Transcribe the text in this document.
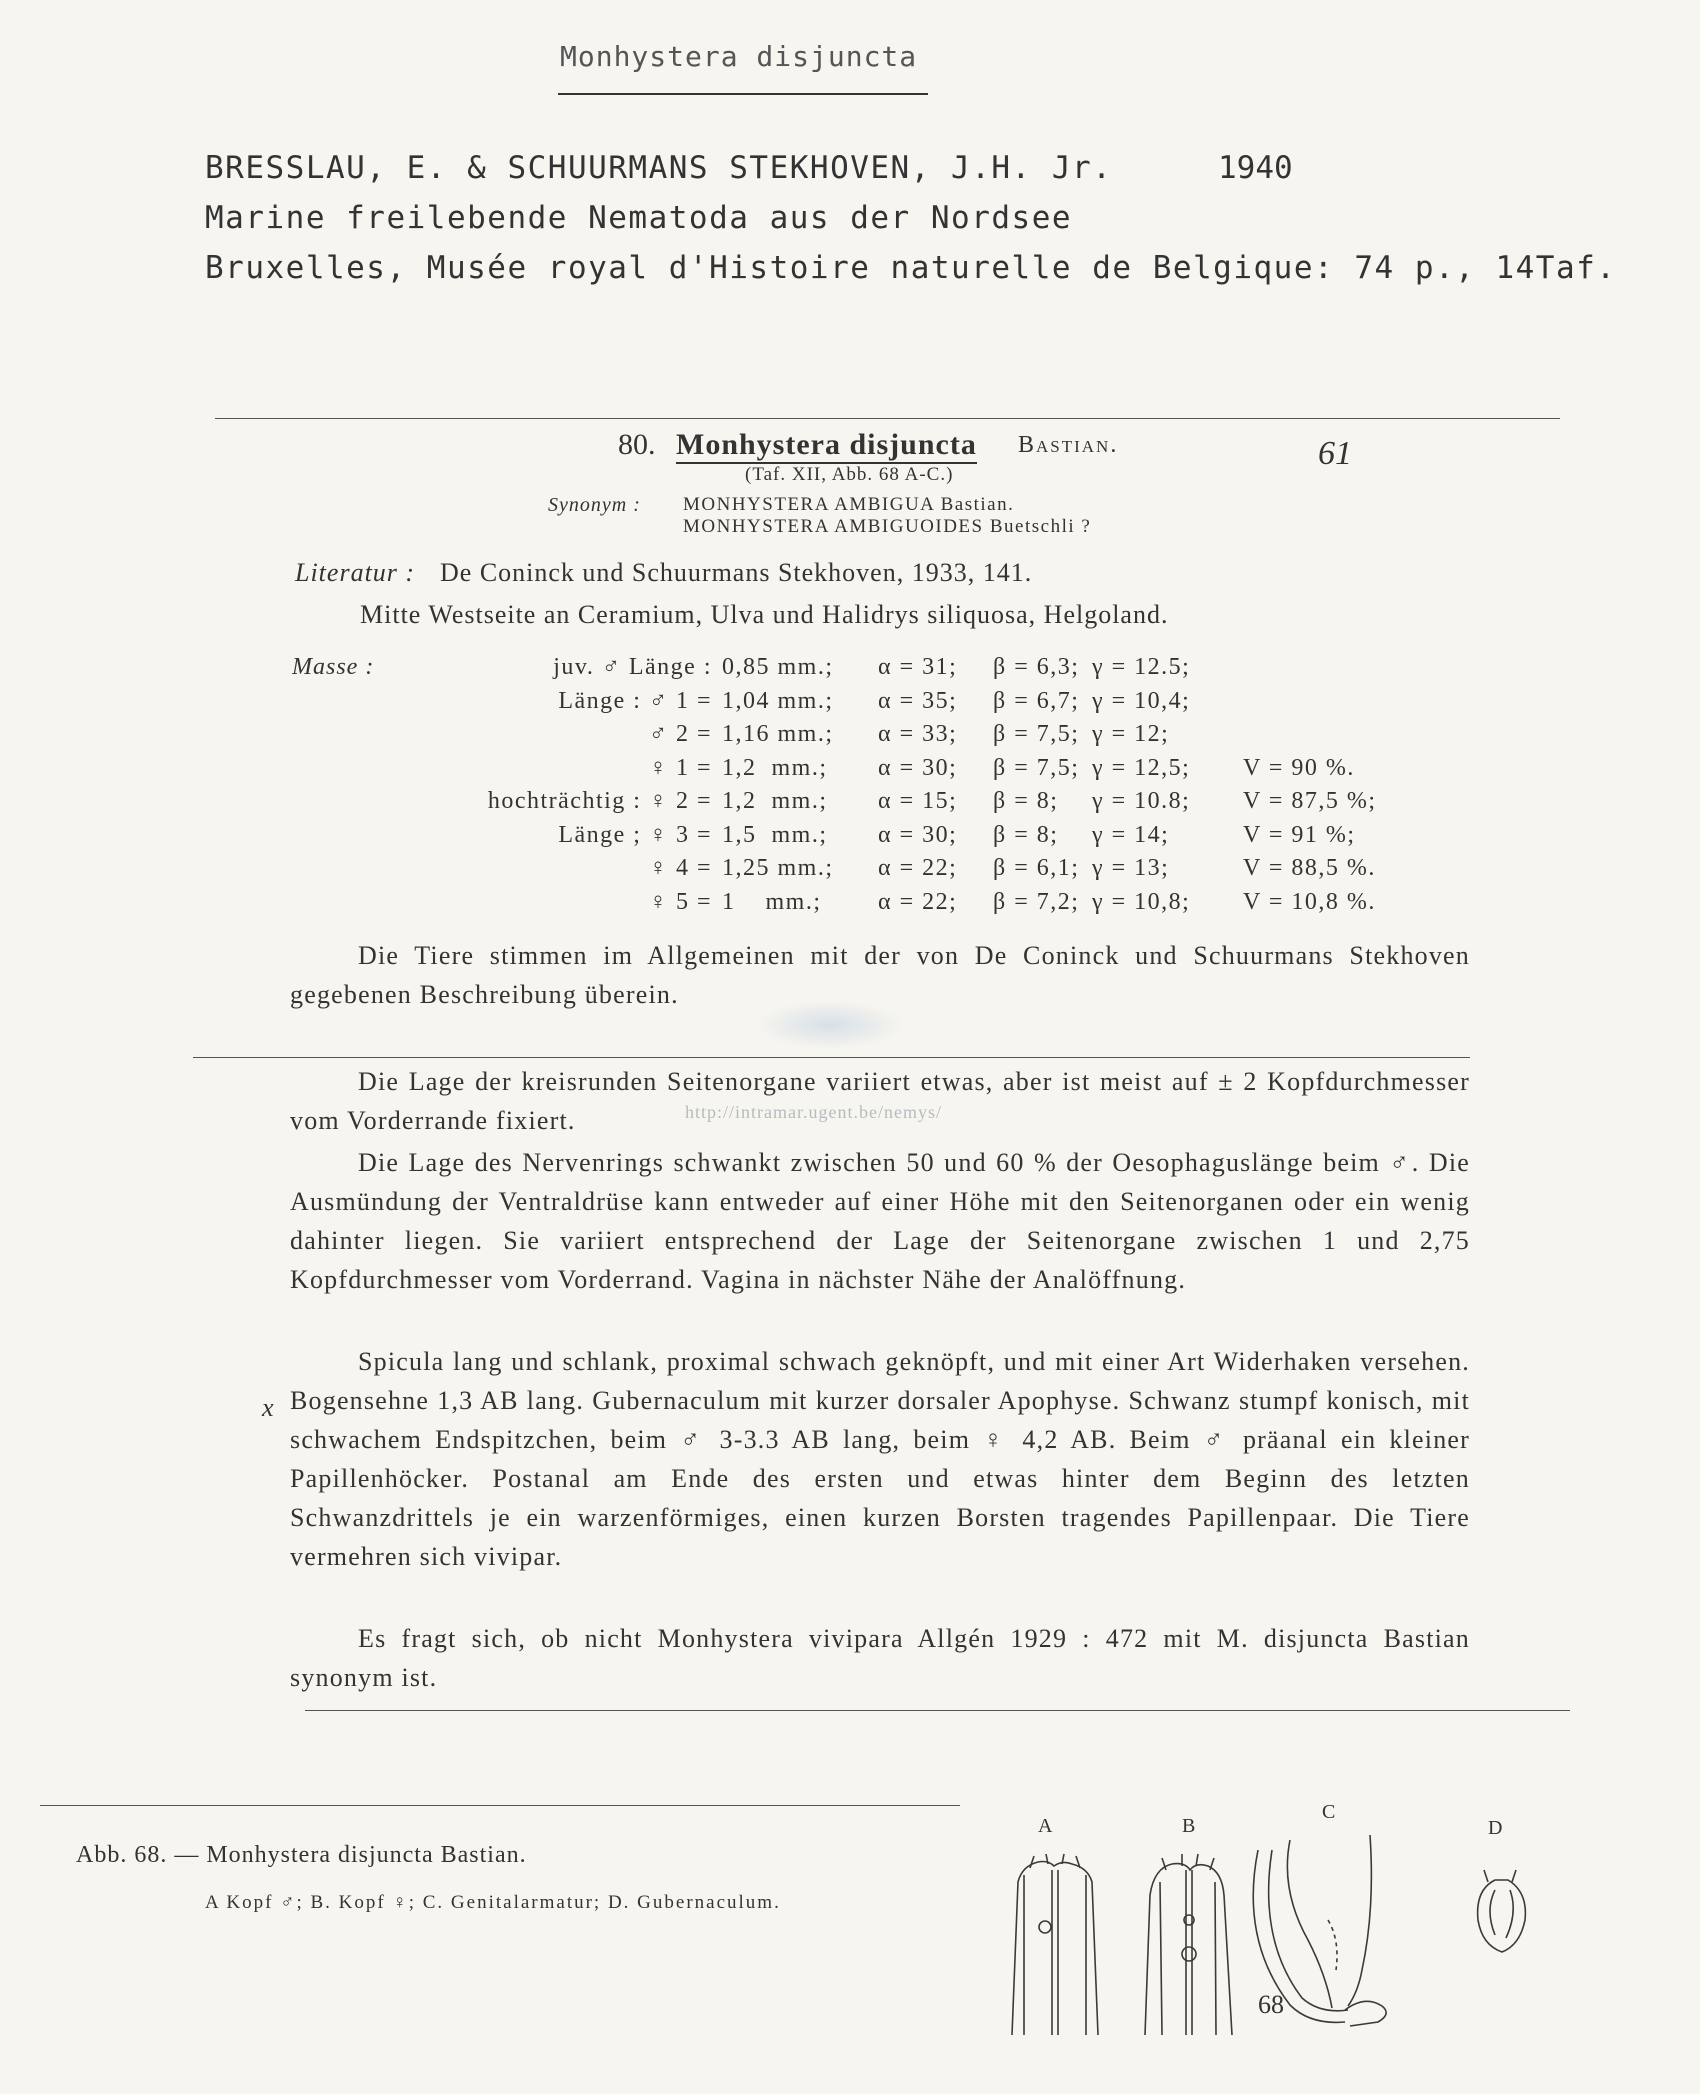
Monhystera disjuncta
BRESSLAU, E. & SCHUURMANS STEKHOVEN, J.H. Jr.	1940
Marine freilebende Nematoda aus der Nordsee
Bruxelles, Musée royal d'Histoire naturelle de Belgique: 74 p., 14Taf.
80. Monhystera disjuncta Bastian.	61
(Taf. XII, Abb. 68 A-C.)
Synonym : MONHYSTERA AMBIGUA Bastian.
MONHYSTERA AMBIGUOIDES Buetschli ?
Literatur : De Coninck und Schuurmans Stekhoven, 1933, 141.
Mitte Westseite an Ceramium, Ulva und Halidrys siliquosa, Helgoland.
Masse :	juv. ♂ Länge : 0,85 mm.; α = 31; β = 6,3; γ = 12.5;
Länge : ♂ 1 = 1,04 mm.; α = 35; β = 6,7; γ = 10,4;
♂ 2 = 1,16 mm.; α = 33; β = 7,5; γ = 12;
♀ 1 = 1,2  mm.; α = 30; β = 7,5; γ = 12,5; V = 90 %.
hochträchtig : ♀ 2 = 1,2  mm.; α = 15; β = 8; γ = 10.8; V = 87,5 %;
Länge ; ♀ 3 = 1,5  mm.; α = 30; β = 8; γ = 14;	V = 91 %;
♀ 4 = 1,25 mm.; α = 22; β = 6,1; γ = 13;	V = 88,5 %.
♀ 5 = 1    mm.; α = 22; β = 7,2; γ = 10,8; V = 10,8 %.

Die Tiere stimmen im Allgemeinen mit der von De Coninck und Schuurmans Stekhoven gegebenen Beschreibung überein.

http://intramar.ugent.be/nemys/

Die Lage der kreisrunden Seitenorgane variiert etwas, aber ist meist auf ± 2 Kopfdurchmesser vom Vorderrande fixiert.

Die Lage des Nervenrings schwankt zwischen 50 und 60 % der Oesophaguslänge beim ♂. Die Ausmündung der Ventraldrüse kann entweder auf einer Höhe mit den Seitenorganen oder ein wenig dahinter liegen. Sie variiert entsprechend der Lage der Seitenorgane zwischen 1 und 2,75 Kopfdurchmesser vom Vorderrand. Vagina in nächster Nähe der Analöffnung.

Spicula lang und schlank, proximal schwach geknöpft, und mit einer Art Widerhaken versehen. Bogensehne 1,3 AB lang. Gubernaculum mit kurzer dorsaler Apophyse. Schwanz stumpf konisch, mit schwachem Endspitzchen, beim ♂ 3-3.3 AB lang, beim ♀ 4,2 AB. Beim ♂ präanal ein kleiner Papillenhöcker. Postanal am Ende des ersten und etwas hinter dem Beginn des letzten Schwanzdrittels je ein warzenförmiges, einen kurzen Borsten tragendes Papillenpaar. Die Tiere vermehren sich vivipar.

x

Es fragt sich, ob nicht Monhystera vivipara Allgén 1929 : 472 mit M. disjuncta Bastian synonym ist.

Abb. 68. — Monhystera disjuncta Bastian.
A Kopf ♂; B. Kopf ♀; C. Genitalarmatur; D. Gubernaculum.
A	B
C
D
68
